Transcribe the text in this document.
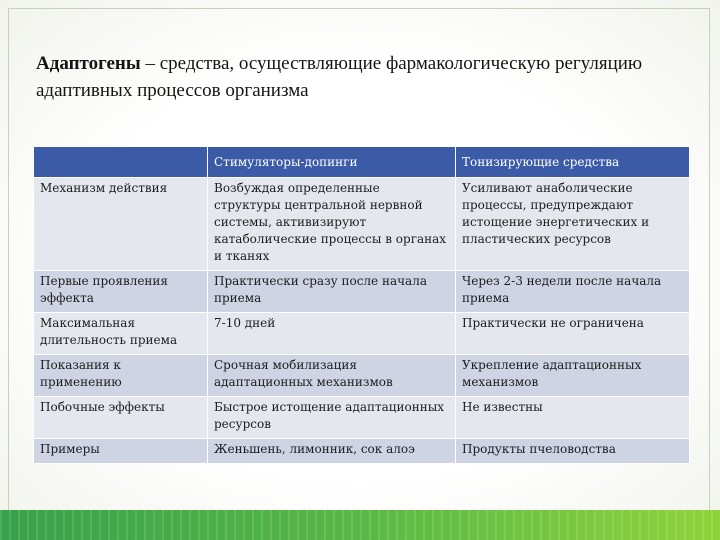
Адаптогены – средства, осуществляющие фармакологическую регуляцию адаптивных процессов организма
	Стимуляторы-допинги	Тонизирующие средства
Механизм действия	Возбуждая определенные структуры центральной нервной системы, активизируют катаболические процессы в органах и тканях	Усиливают анаболические процессы, предупреждают истощение энергетических и пластических ресурсов
Первые проявления эффекта	Практически сразу после начала приема	Через 2-3 недели после начала приема
Максимальная длительность приема	7-10 дней	Практически не ограничена
Показания к применению	Срочная мобилизация адаптационных механизмов	Укрепление адаптационных механизмов
Побочные эффекты	Быстрое истощение адаптационных ресурсов	Не известны
Примеры	Женьшень, лимонник, сок алоэ	Продукты пчеловодства
